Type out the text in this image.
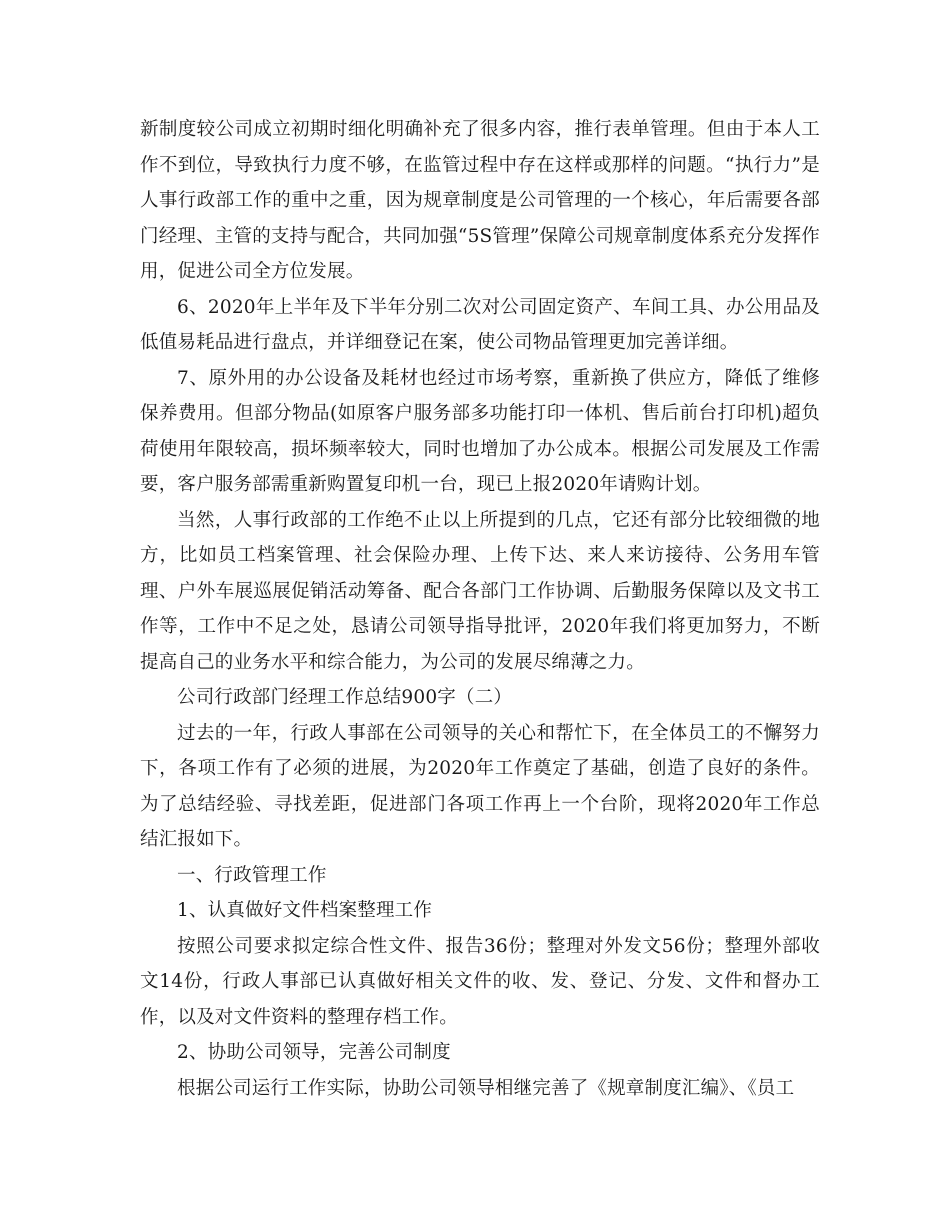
新制度较公司成立初期时细化明确补充了很多内容，推行表单管理。但由于本人工作不到位，导致执行力度不够，在监管过程中存在这样或那样的问题。“执行力”是人事行政部工作的重中之重，因为规章制度是公司管理的一个核心，年后需要各部门经理、主管的支持与配合，共同加强“5S管理”保障公司规章制度体系充分发挥作用，促进公司全方位发展。

6、2020年上半年及下半年分别二次对公司固定资产、车间工具、办公用品及低值易耗品进行盘点，并详细登记在案，使公司物品管理更加完善详细。

7、原外用的办公设备及耗材也经过市场考察，重新换了供应方，降低了维修保养费用。但部分物品(如原客户服务部多功能打印一体机、售后前台打印机)超负荷使用年限较高，损坏频率较大，同时也增加了办公成本。根据公司发展及工作需要，客户服务部需重新购置复印机一台，现已上报2020年请购计划。

当然，人事行政部的工作绝不止以上所提到的几点，它还有部分比较细微的地方，比如员工档案管理、社会保险办理、上传下达、来人来访接待、公务用车管理、户外车展巡展促销活动筹备、配合各部门工作协调、后勤服务保障以及文书工作等，工作中不足之处，恳请公司领导指导批评，2020年我们将更加努力，不断提高自己的业务水平和综合能力，为公司的发展尽绵薄之力。

公司行政部门经理工作总结900字（二）

过去的一年，行政人事部在公司领导的关心和帮忙下，在全体员工的不懈努力下，各项工作有了必须的进展，为2020年工作奠定了基础，创造了良好的条件。为了总结经验、寻找差距，促进部门各项工作再上一个台阶，现将2020年工作总结汇报如下。

一、行政管理工作

1、认真做好文件档案整理工作

按照公司要求拟定综合性文件、报告36份；整理对外发文56份；整理外部收文14份，行政人事部已认真做好相关文件的收、发、登记、分发、文件和督办工作，以及对文件资料的整理存档工作。

2、协助公司领导，完善公司制度

根据公司运行工作实际，协助公司领导相继完善了《规章制度汇编》、《员工
